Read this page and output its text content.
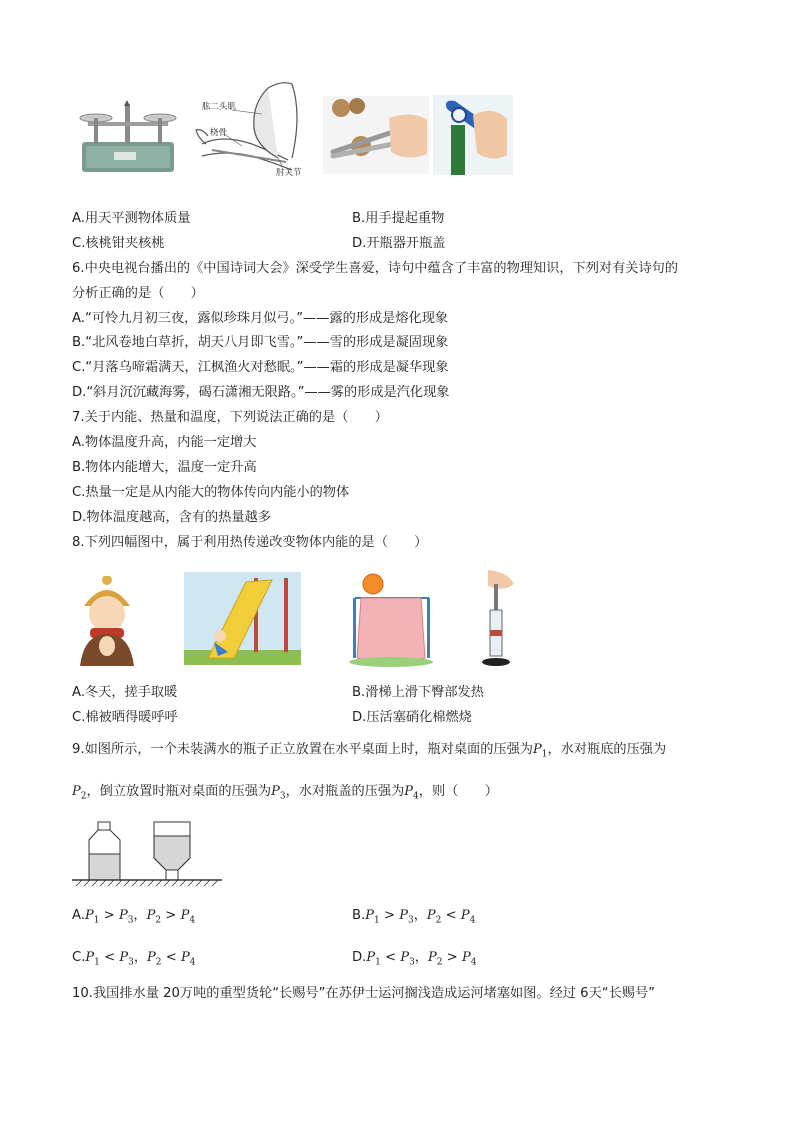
肱二头肌
桡骨
肘关节
A.用天平测物体质量	B.用手提起重物
C.核桃钳夹核桃	D.开瓶器开瓶盖
6.中央电视台播出的《中国诗词大会》深受学生喜爱，诗句中蕴含了丰富的物理知识，下列对有关诗句的
分析正确的是（　　）
A.“可怜九月初三夜，露似珍珠月似弓。”——露的形成是熔化现象
B.“北风卷地白草折，胡天八月即飞雪。”——雪的形成是凝固现象
C.“月落乌啼霜满天，江枫渔火对愁眠。”——霜的形成是凝华现象
D.“斜月沉沉藏海雾，碣石潇湘无限路。”——雾的形成是汽化现象
7.关于内能、热量和温度，下列说法正确的是（　　）
A.物体温度升高，内能一定增大
B.物体内能增大，温度一定升高
C.热量一定是从内能大的物体传向内能小的物体
D.物体温度越高，含有的热量越多
8.下列四幅图中，属于利用热传递改变物体内能的是（　　）
A.冬天，搓手取暖	B.滑梯上滑下臀部发热
C.棉被晒得暖呼呼	D.压活塞硝化棉燃烧
9.如图所示，一个未装满水的瓶子正立放置在水平桌面上时，瓶对桌面的压强为$P_1$，水对瓶底的压强为
$P_2$，倒立放置时瓶对桌面的压强为$P_3$，水对瓶盖的压强为$P_4$，则（　　）
$A.P_1 > P_3$，$P_2 > P_4$	$B.P_1 > P_3$，$P_2 < P_4$
$C.P_1 < P_3$，$P_2 < P_4$	$D.P_1 < P_3$，$P_2 > P_4$
10.我国排水量 20万吨的重型货轮“长赐号”在苏伊士运河搁浅造成运河堵塞如图。经过 6天“长赐号”
